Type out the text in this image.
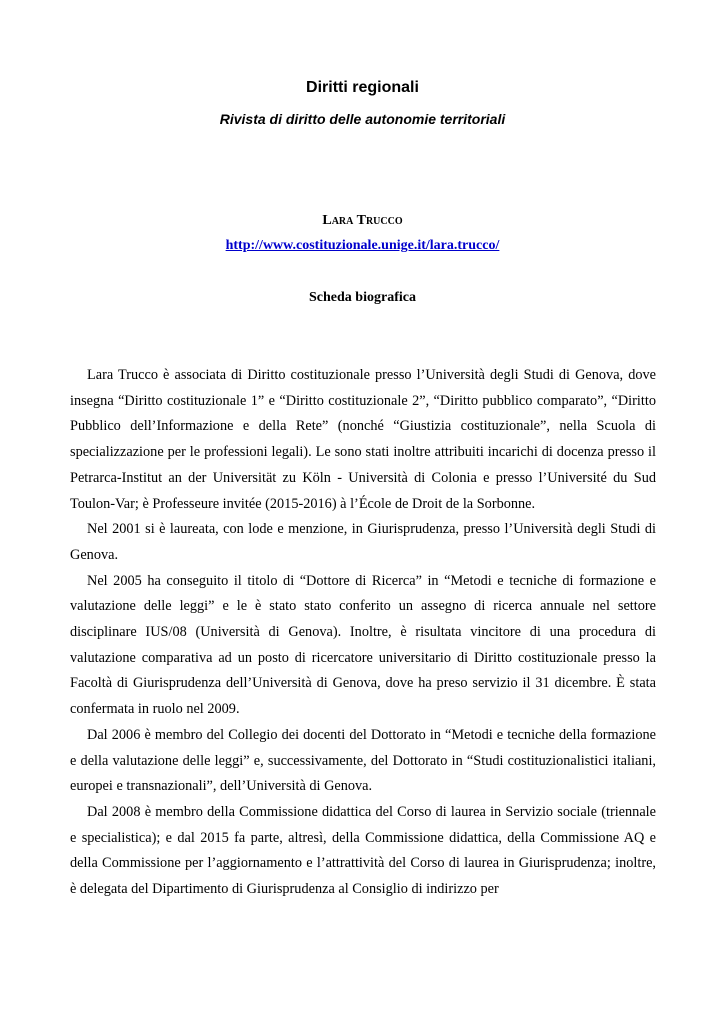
Diritti regionali
Rivista di diritto delle autonomie territoriali
Lara Trucco
http://www.costituzionale.unige.it/lara.trucco/
Scheda biografica

Lara Trucco è associata di Diritto costituzionale presso l’Università degli Studi di Genova, dove insegna “Diritto costituzionale 1” e “Diritto costituzionale 2”, “Diritto pubblico comparato”, “Diritto Pubblico dell’Informazione e della Rete” (nonché “Giustizia costituzionale”, nella Scuola di specializzazione per le professioni legali). Le sono stati inoltre attribuiti incarichi di docenza presso il Petrarca-Institut an der Universität zu Köln - Università di Colonia e presso l’Université du Sud Toulon-Var; è Professeure invitée (2015-2016) à l’École de Droit de la Sorbonne.

Nel 2001 si è laureata, con lode e menzione, in Giurisprudenza, presso l’Università degli Studi di Genova.

Nel 2005 ha conseguito il titolo di “Dottore di Ricerca” in “Metodi e tecniche di formazione e valutazione delle leggi” e le è stato stato conferito un assegno di ricerca annuale nel settore disciplinare IUS/08 (Università di Genova). Inoltre, è risultata vincitore di una procedura di valutazione comparativa ad un posto di ricercatore universitario di Diritto costituzionale presso la Facoltà di Giurisprudenza dell’Università di Genova, dove ha preso servizio il 31 dicembre. È stata confermata in ruolo nel 2009.

Dal 2006 è membro del Collegio dei docenti del Dottorato in “Metodi e tecniche della formazione e della valutazione delle leggi” e, successivamente, del Dottorato in “Studi costituzionalistici italiani, europei e transnazionali”, dell’Università di Genova.

Dal 2008 è membro della Commissione didattica del Corso di laurea in Servizio sociale (triennale e specialistica); e dal 2015 fa parte, altresì, della Commissione didattica, della Commissione AQ e della Commissione per l’aggiornamento e l’attrattività del Corso di laurea in Giurisprudenza; inoltre, è delegata del Dipartimento di Giurisprudenza al Consiglio di indirizzo per
